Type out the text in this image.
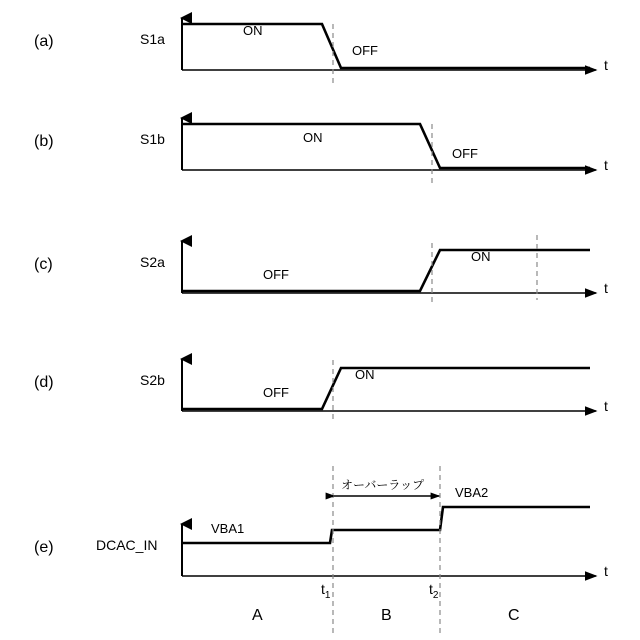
(a)	S1a
ON
OFF
t
(b)	S1b	ON
OFF
t
(c)	S2a
OFF
ON
t
(d)	S2b
OFF
ON
t
(e)	DCAC_IN
VBA1
VBA2
t
オーバーラップ
$t_1$	$t_2$
A	B	C
